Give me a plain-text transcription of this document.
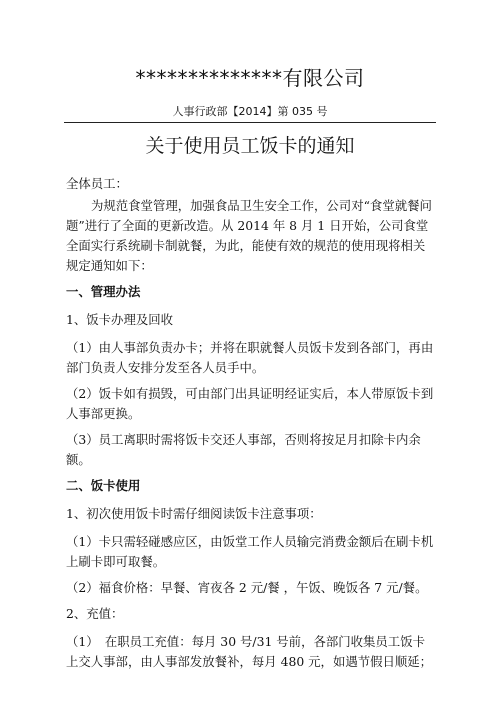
**************有限公司
人事行政部【2014】第 035 号
关于使用员工饭卡的通知

全体员工：

为规范食堂管理，加强食品卫生安全工作，公司对“食堂就餐问题”进行了全面的更新改造。从 2014 年 8 月 1 日开始，公司食堂全面实行系统刷卡制就餐，为此，能使有效的规范的使用现将相关规定通知如下：

一、管理办法

1、饭卡办理及回收

（1）由人事部负责办卡；并将在职就餐人员饭卡发到各部门，再由部门负责人安排分发至各人员手中。

（2）饭卡如有损毁，可由部门出具证明经证实后，本人带原饭卡到人事部更换。

（3）员工离职时需将饭卡交还人事部，否则将按足月扣除卡内余额。

二、饭卡使用

1、初次使用饭卡时需仔细阅读饭卡注意事项：

（1）卡只需轻碰感应区，由饭堂工作人员输完消费金额后在刷卡机上刷卡即可取餐。

（2）福食价格：早餐、宵夜各 2 元/餐 ，午饭、晚饭各 7 元/餐。

2、充值：

（1）　在职员工充值：每月 30 号/31 号前，各部门收集员工饭卡上交人事部，由人事部发放餐补，每月 480 元，如遇节假日顺延；
